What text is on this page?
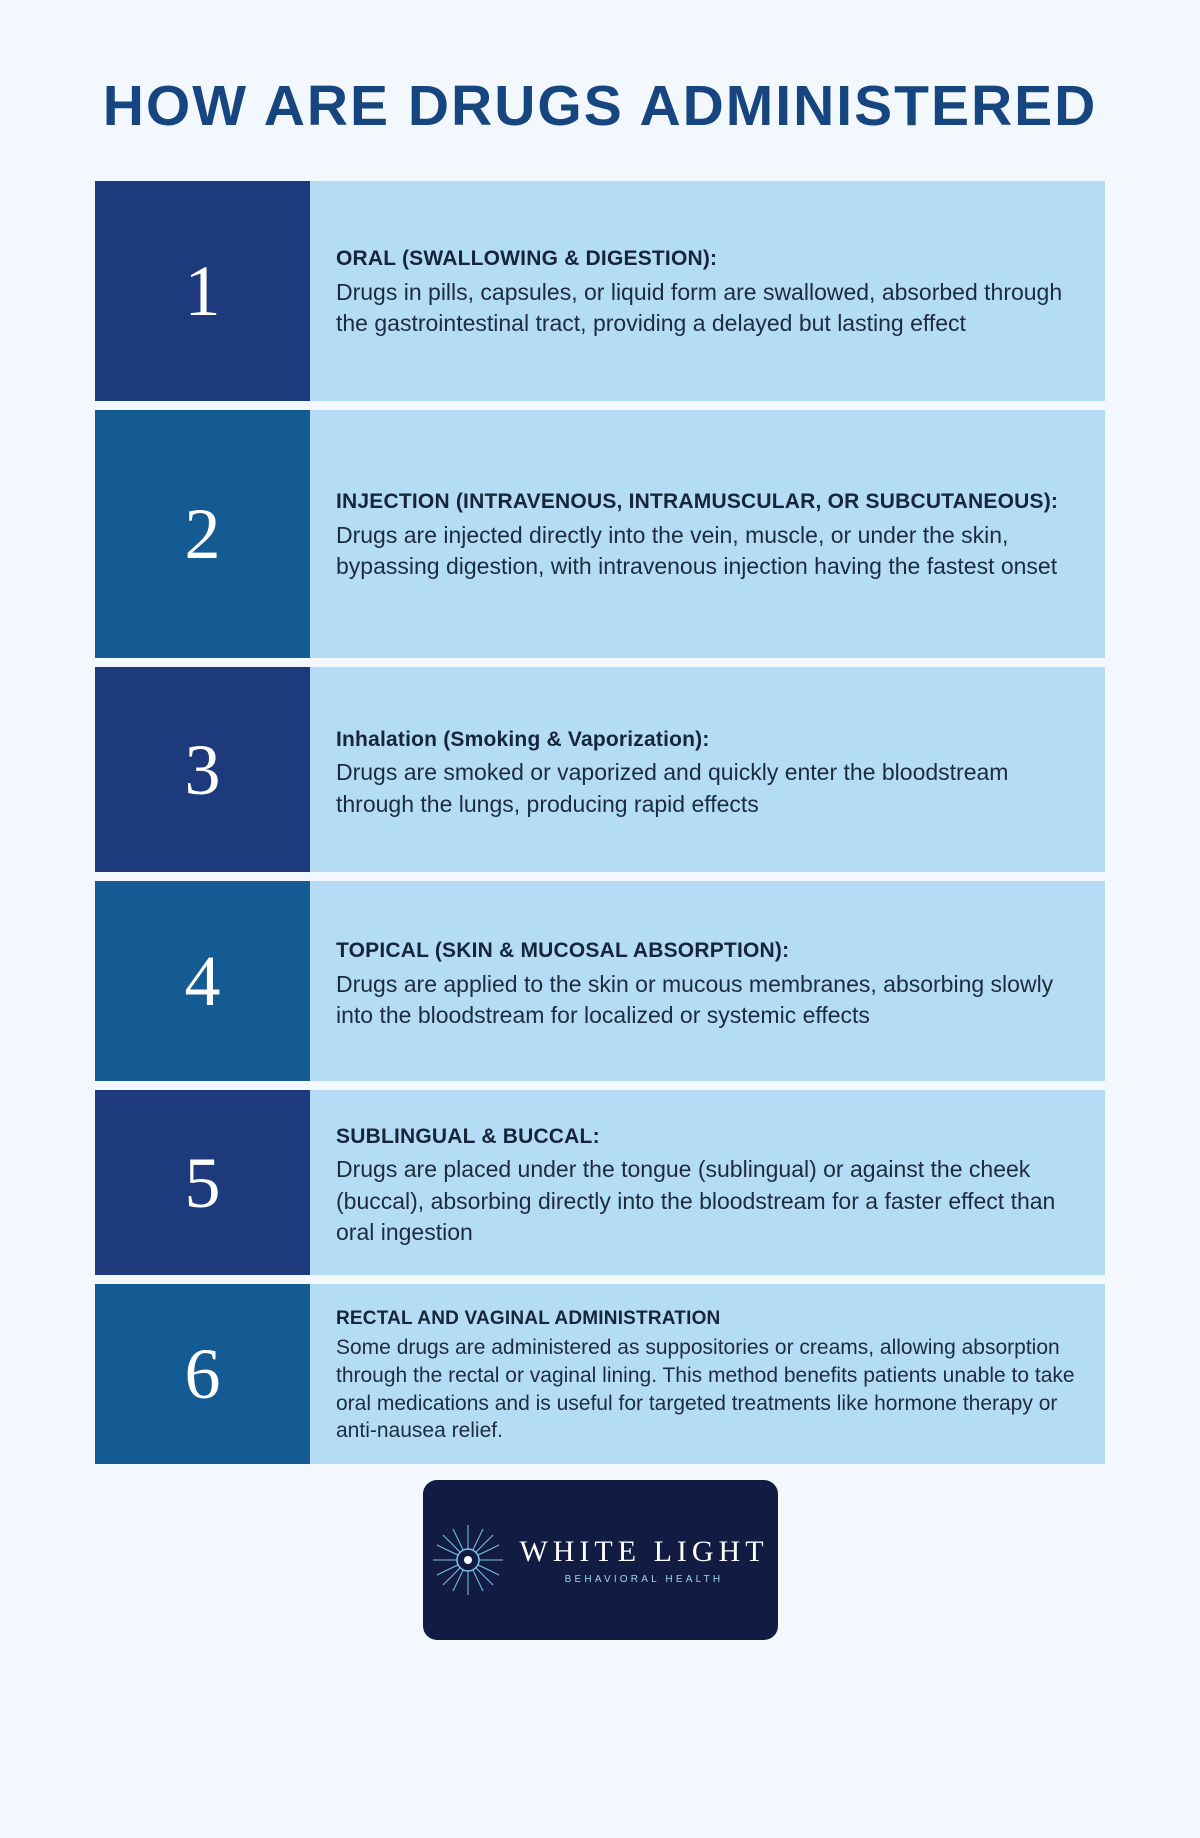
HOW ARE DRUGS ADMINISTERED
1	ORAL (SWALLOWING & DIGESTION):
Drugs in pills, capsules, or liquid form are swallowed, absorbed through the gastrointestinal tract, providing a delayed but lasting effect
2	INJECTION (INTRAVENOUS, INTRAMUSCULAR, OR SUBCUTANEOUS):
Drugs are injected directly into the vein, muscle, or under the skin, bypassing digestion, with intravenous injection having the fastest onset
3	Inhalation (Smoking & Vaporization):
Drugs are smoked or vaporized and quickly enter the bloodstream through the lungs, producing rapid effects
4	TOPICAL (SKIN & MUCOSAL ABSORPTION):
Drugs are applied to the skin or mucous membranes, absorbing slowly into the bloodstream for localized or systemic effects
5
SUBLINGUAL & BUCCAL:
Drugs are placed under the tongue (sublingual) or against the cheek (buccal), absorbing directly into the bloodstream for a faster effect than oral ingestion
6
RECTAL AND VAGINAL ADMINISTRATION
Some drugs are administered as suppositories or creams, allowing absorption through the rectal or vaginal lining. This method benefits patients unable to take oral medications and is useful for targeted treatments like hormone therapy or anti-nausea relief.
WHITE LIGHT
BEHAVIORAL HEALTH
